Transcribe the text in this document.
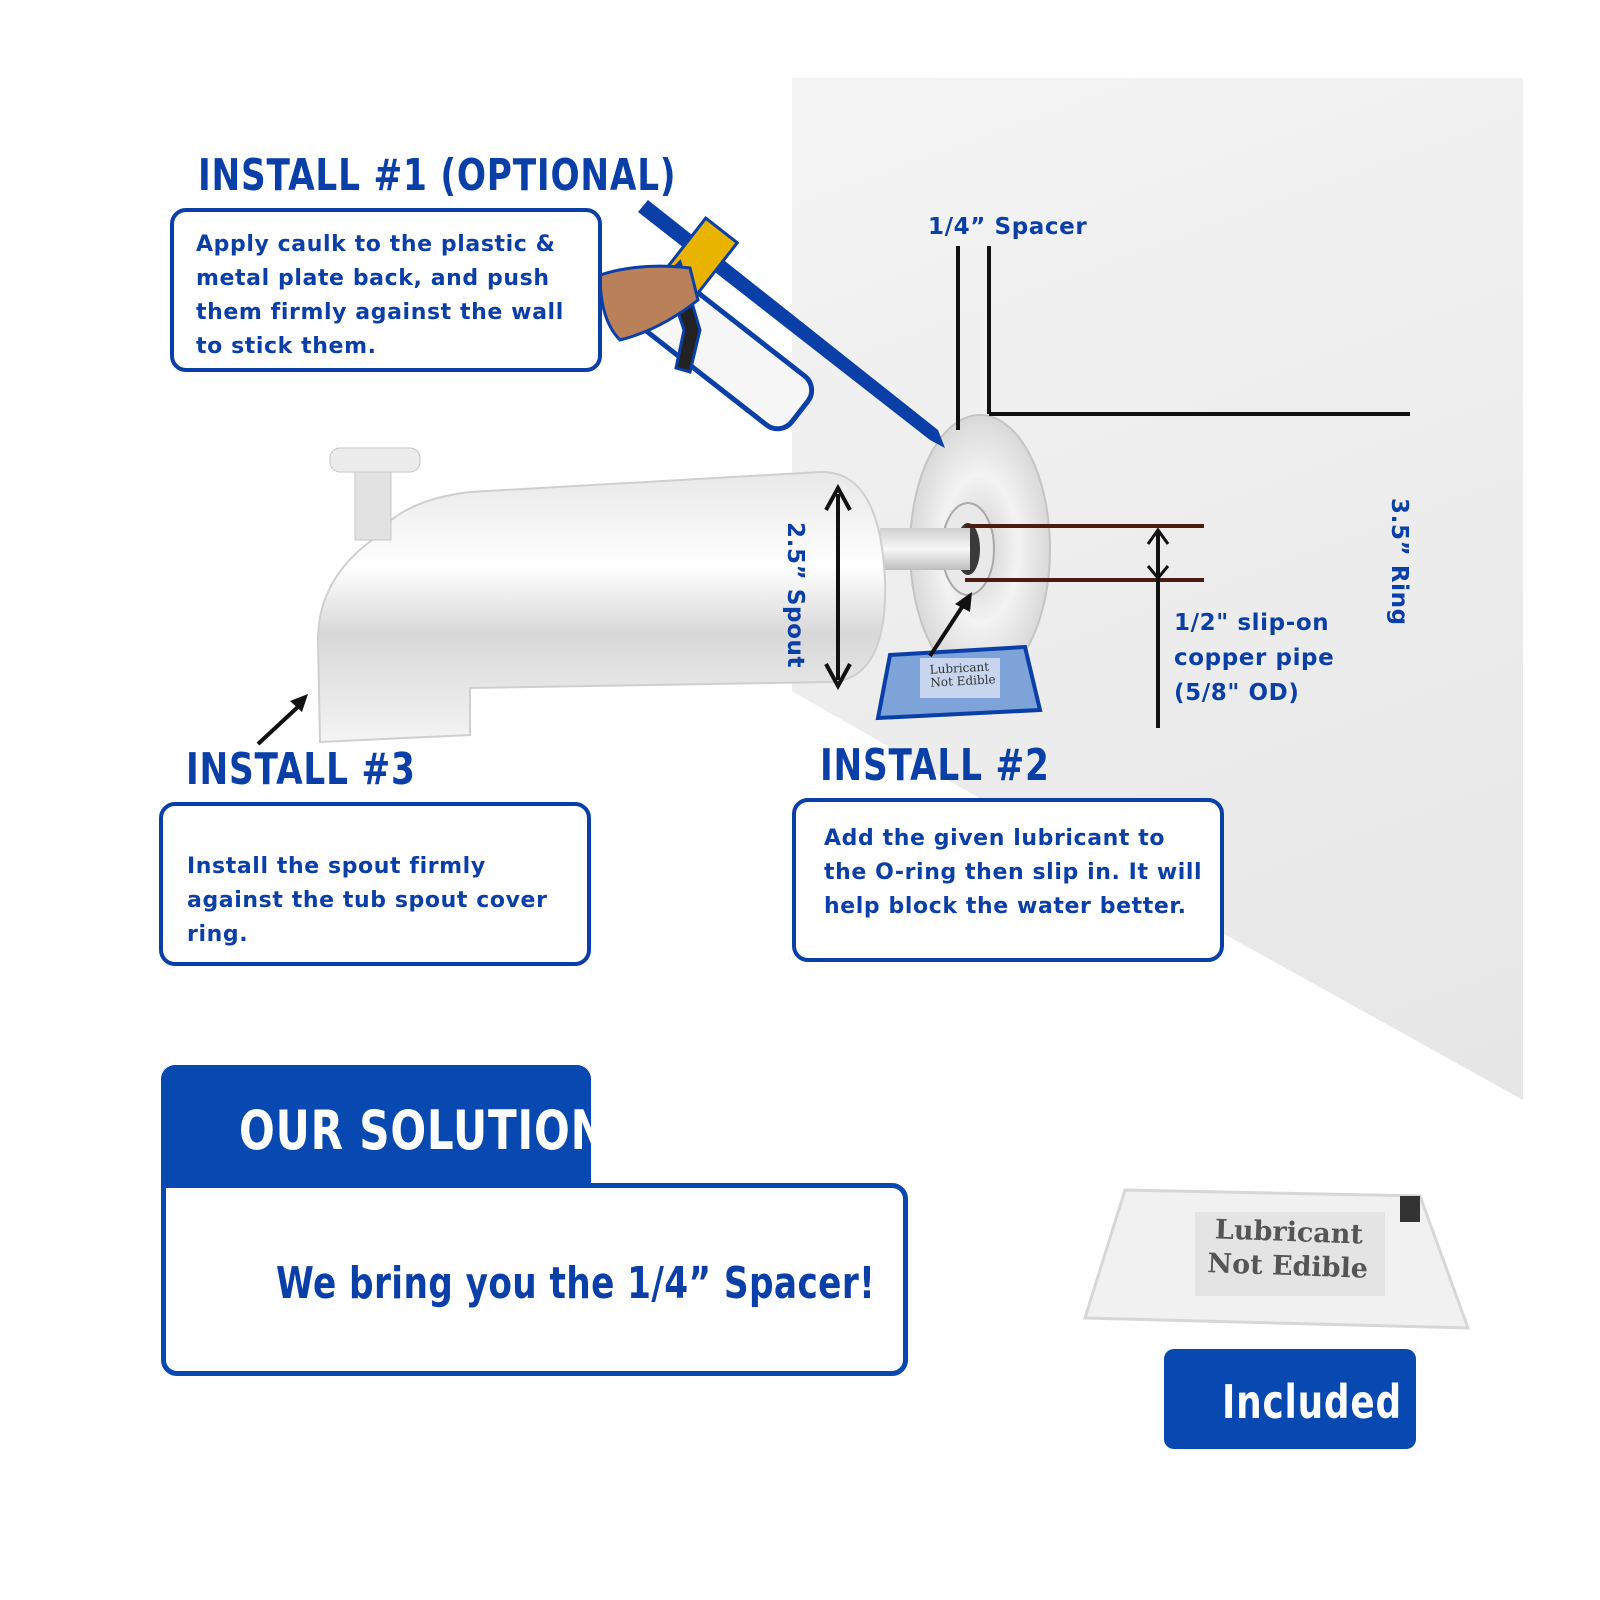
INSTALL #1 (OPTIONAL)
Apply caulk to the plastic & metal plate back, and push them firmly against the wall to stick them.
INSTALL #3
Install the spout firmly against the tub spout cover ring.
INSTALL #2
Add the given lubricant to the O-ring then slip in. It will help block the water better.
1/4” Spacer
2.5” Spout	3.5” Ring
1/2" slip-on
copper pipe
(5/8" OD)
Lubricant
Not Edible
Lubricant
Not Edible
OUR SOLUTION
We bring you the 1/4” Spacer!
Included
